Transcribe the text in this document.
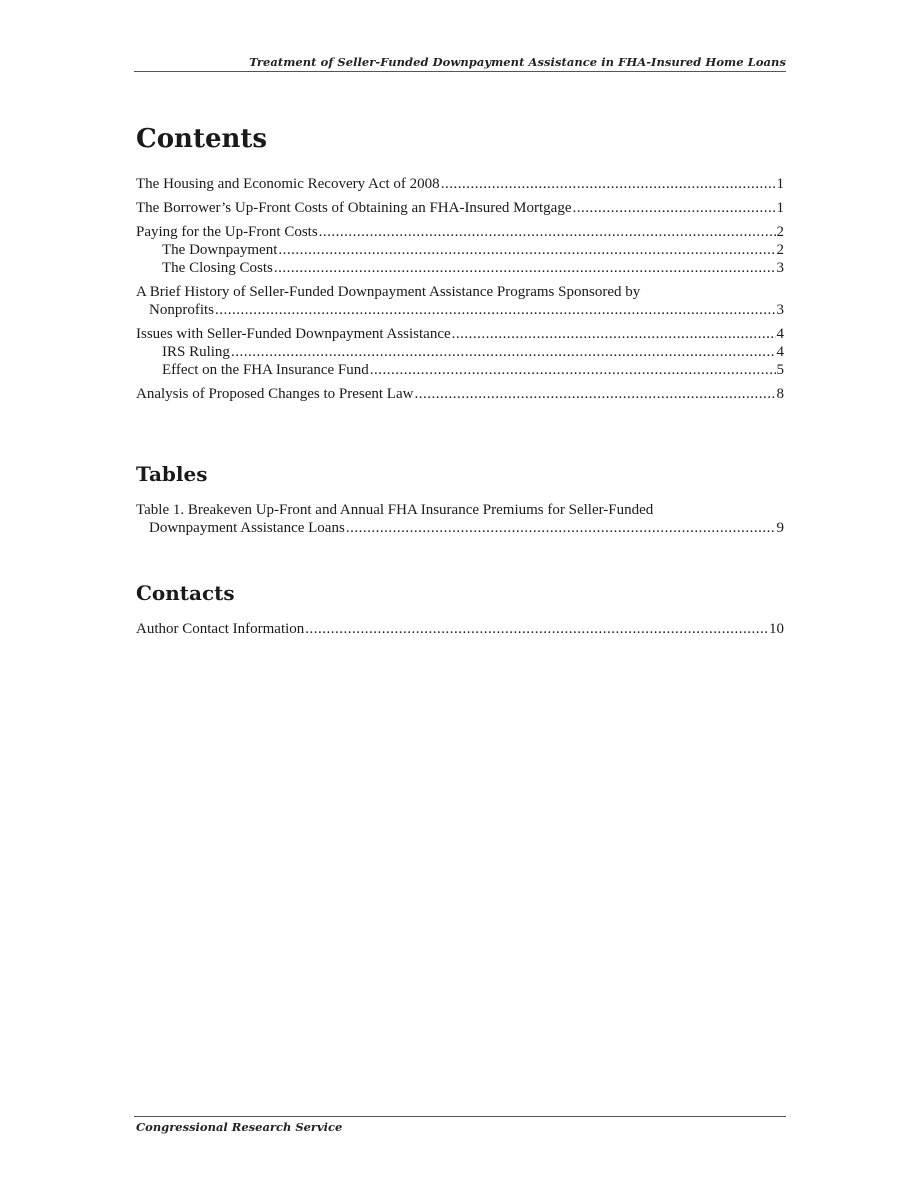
Treatment of Seller-Funded Downpayment Assistance in FHA-Insured Home Loans
Contents
The Housing and Economic Recovery Act of 2008 .....	1
The Borrower’s Up-Front Costs of Obtaining an FHA-Insured Mortgage .....	1
Paying for the Up-Front Costs .....	2
The Downpayment .....	2
The Closing Costs .....	3
A Brief History of Seller-Funded Downpayment Assistance Programs Sponsored by
Nonprofits .....	3
Issues with Seller-Funded Downpayment Assistance .....	4
IRS Ruling .....	4
Effect on the FHA Insurance Fund .....	5
Analysis of Proposed Changes to Present Law .....	8
Tables
Table 1. Breakeven Up-Front and Annual FHA Insurance Premiums for Seller-Funded
Downpayment Assistance Loans .....	9
Contacts
Author Contact Information .....	10
Congressional Research Service
